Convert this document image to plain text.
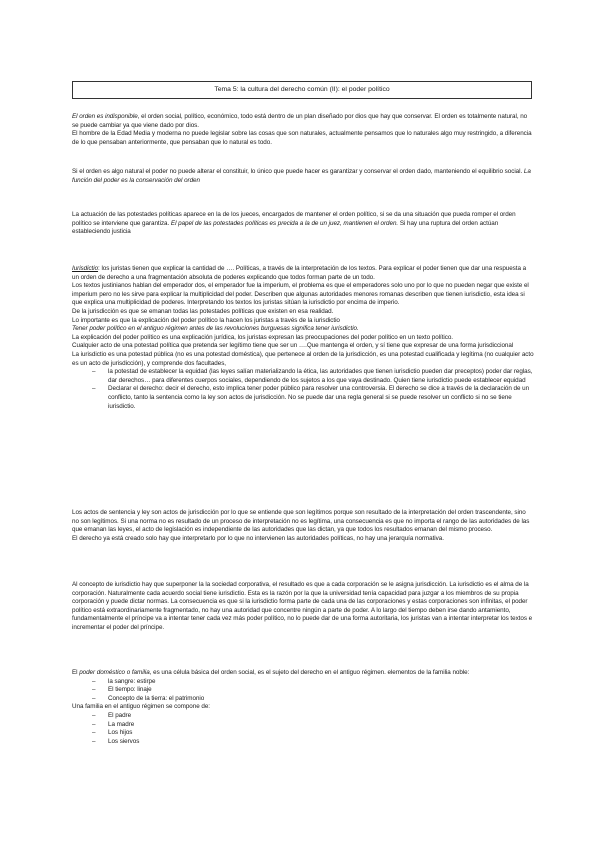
Tema 5: la cultura del derecho común (II): el poder político

El orden es indisponible, el orden social, político, económico, todo está dentro de un plan diseñado por dios que hay que conservar. El orden es totalmente natural, no se puede cambiar ya que viene dado por dios.

El hombre de la Edad Media y moderna no puede legislar sobre las cosas que son naturales, actualmente pensamos que lo naturales algo muy restringido, a diferencia de lo que pensaban anteriormente, que pensaban que lo natural es todo.

Si el orden es algo natural el poder no puede alterar el constituir, lo único que puede hacer es garantizar y conservar el orden dado, manteniendo el equilibrio social. La función del poder es la conservación del orden

La actuación de las potestades políticas aparece en la de los jueces, encargados de mantener el orden político, si se da una situación que pueda romper el orden político se interviene que garantiza. El papel de las potestades políticas es precida a la de un juez, mantienen el orden. Si hay una ruptura del orden actúan estableciendo justicia

Iurisdictio: los juristas tienen que explicar la cantidad de …. Políticas, a través de la interpretación de los textos. Para explicar el poder tienen que dar una respuesta a un orden de derecho a una fragmentación absoluta de poderes explicando que todos forman parte de un todo.

Los textos justinianos hablan del emperador dos, el emperador fue la imperium, el problema es que el emperadores solo uno por lo que no pueden negar que existe el imperium pero no les sirve para explicar la multiplicidad del poder. Describen que algunas autoridades menores romanas describen que tienen iurisdictio, esta idea si que explica una multiplicidad de poderes. Interpretando los textos los juristas sitúan la iurisdictio por encima de imperio.

De la jurisdicción es que se emanan todas las potestades políticas que existen en esa realidad.

Lo importante es que la explicación del poder político la hacen los juristas a través de la iurisdictio

Tener poder político en el antiguo régimen antes de las revoluciones burguesas significa tener iurisdictio.

La explicación del poder político es una explicación jurídica, los juristas expresan las preocupaciones del poder político en un texto político.

Cualquier acto de una potestad política que pretenda ser legítimo tiene que ser un ….Que mantenga el orden, y sí tiene que expresar de una forma jurisdiccional

La iurisdictio es una potestad pública (no es una potestad doméstica), que pertenece al orden de la jurisdicción, es una potestad cualificada y legítima (no cualquier acto es un acto de jurisdicción), y comprende dos facultades,

– la potestad de establecer la equidad (las leyes salían materializando la ética, las autoridades que tienen iurisdictio pueden dar preceptos) poder dar reglas, dar derechos… para diferentes cuerpos sociales, dependiendo de los sujetos a los que vaya destinado. Quien tiene iurisdictio puede establecer equidad
– Declarar el derecho: decir el derecho, esto implica tener poder público para resolver una controversia. El derecho se dice a través de la declaración de un conflicto, tanto la sentencia como la ley son actos de jurisdicción. No se puede dar una regla general si se puede resolver un conflicto si no se tiene iurisdictio.

Los actos de sentencia y ley son actos de jurisdicción por lo que se entiende que son legítimos porque son resultado de la interpretación del orden trascendente, sino no son legítimos. Si una norma no es resultado de un proceso de interpretación no es legítima, una consecuencia es que no importa el rango de las autoridades de las que emanan las leyes, el acto de legislación es independiente de las autoridades que las dictan, ya que todos los resultados emanan del mismo proceso.

El derecho ya está creado solo hay que interpretarlo por lo que no intervienen las autoridades políticas, no hay una jerarquía normativa.

Al concepto de iurisdictio hay que superponer la la sociedad corporativa, el resultado es que a cada corporación se le asigna jurisdicción. La iurisdictio es el alma de la corporación. Naturalmente cada acuerdo social tiene iurisdictio. Esta es la razón por la que la universidad tenía capacidad para juzgar a los miembros de su propia corporación y puede dictar normas. La consecuencia es que si la iurisdictio forma parte de cada una de las corporaciones y estas corporaciones son infinitas, el poder político está extraordinariamente fragmentado, no hay una autoridad que concentre ningún a parte de poder. A lo largo del tiempo deben irse dando antamiento, fundamentalmente el príncipe va a intentar tener cada vez más poder político, no lo puede dar de una forma autoritaria, los juristas van a intentar interpretar los textos e incrementar el poder del príncipe.

El poder doméstico o familia, es una célula básica del orden social, es el sujeto del derecho en el antiguo régimen. elementos de la familia noble:

– la sangre: estirpe
– El tiempo: linaje
– Concepto de la tierra: el patrimonio

Una familia en el antiguo régimen se compone de:

– El padre
– La madre
– Los hijos
– Los siervos
